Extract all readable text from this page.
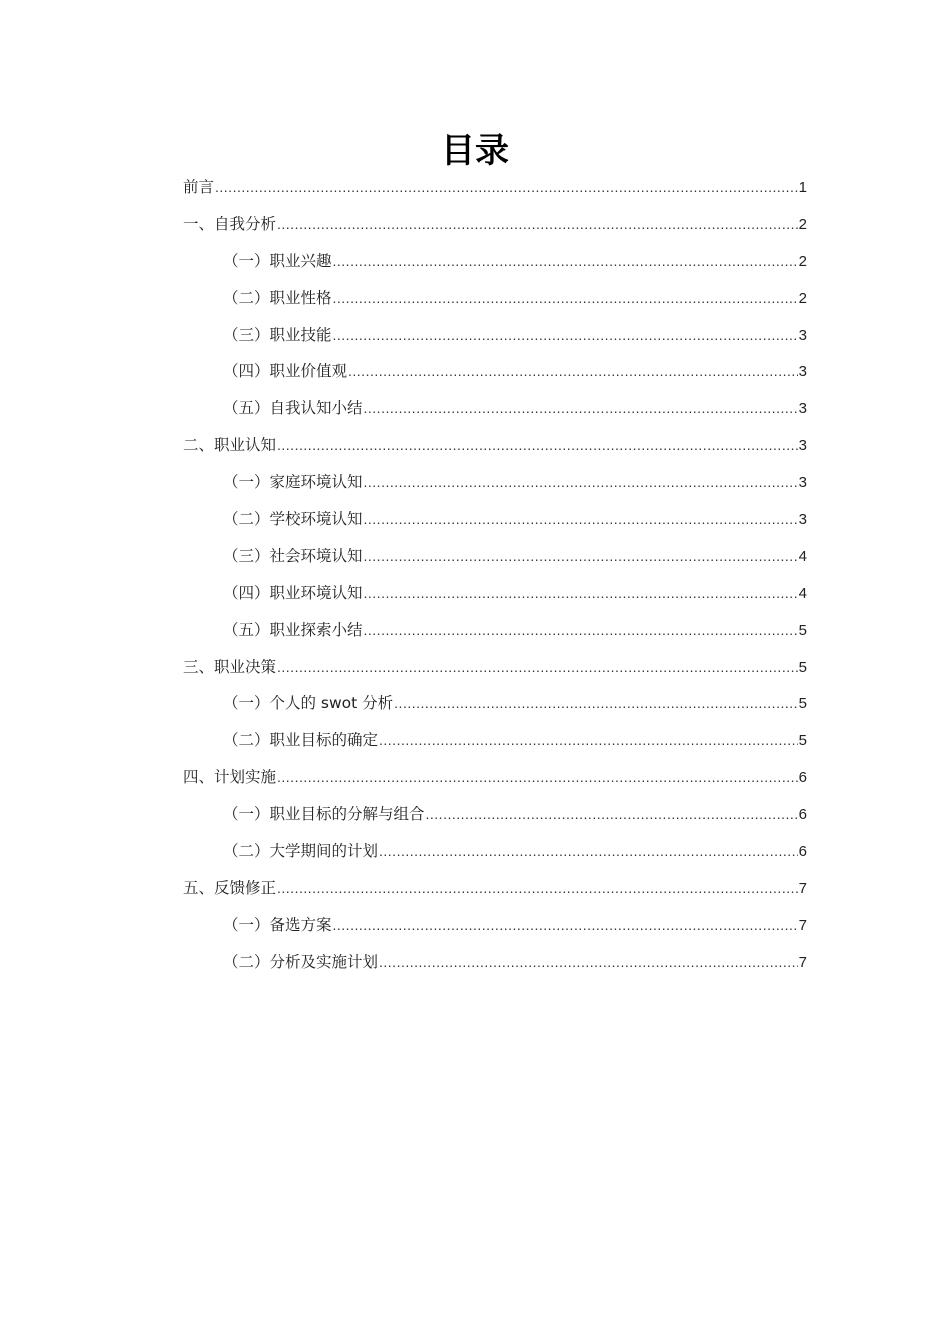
目录
前言 .....	1
一、自我分析 .....	2
（一）职业兴趣 .....	2
（二）职业性格 .....	2
（三）职业技能 .....	3
（四）职业价值观 .....	3
（五）自我认知小结 .....	3
二、职业认知 .....	3
（一）家庭环境认知 .....	3
（二）学校环境认知 .....	3
（三）社会环境认知 .....	4
（四）职业环境认知 .....	4
（五）职业探索小结 .....	5
三、职业决策 .....	5
（一）个人的 swot 分析 .....	5
（二）职业目标的确定 .....	5
四、计划实施 .....	6
（一）职业目标的分解与组合 .....	6
（二）大学期间的计划 .....	6
五、反馈修正 .....	7
（一）备选方案 .....	7
（二）分析及实施计划 .....	7
